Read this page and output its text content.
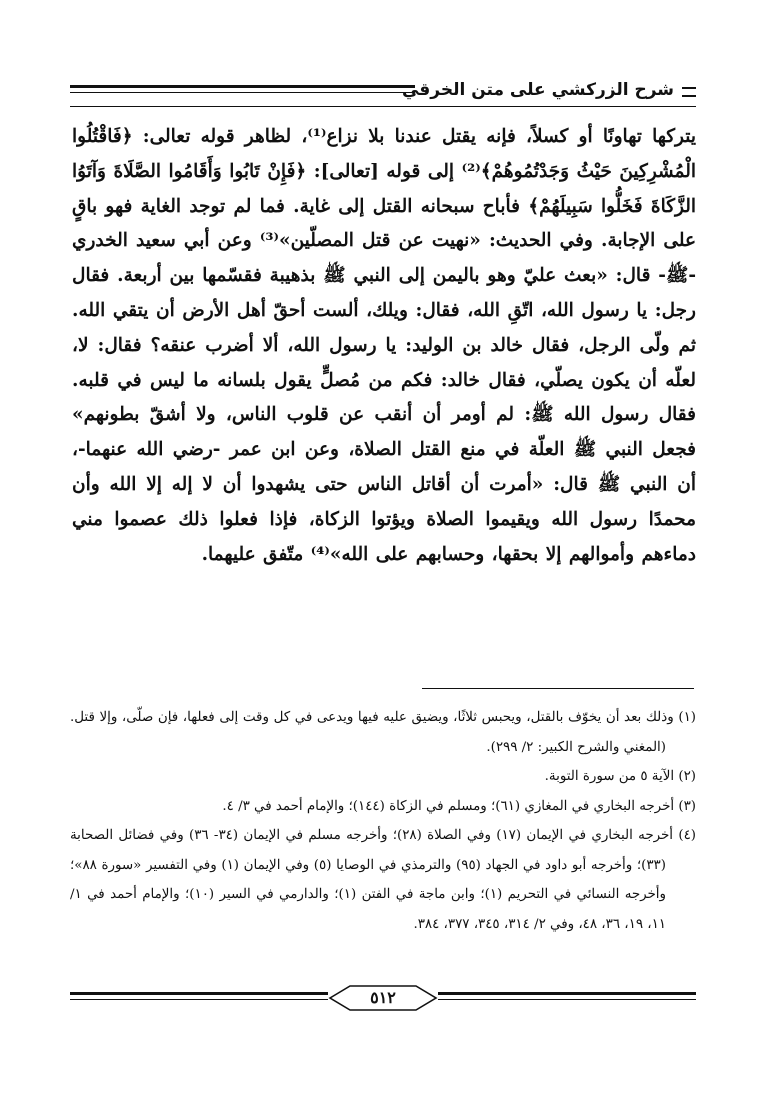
شرح الزركشي على متن الخرقي

يتركها تهاونًا أو كسلاً، فإنه يقتل عندنا بلا نزاع⁽¹⁾، لظاهر قوله تعالى: ﴿فَاقْتُلُوا الْمُشْرِكِينَ حَيْثُ وَجَدْتُمُوهُمْ﴾⁽²⁾ إلى قوله [تعالى]: ﴿فَإِنْ تَابُوا وَأَقَامُوا الصَّلَاةَ وَآتَوُا الزَّكَاةَ فَخَلُّوا سَبِيلَهُمْ﴾ فأباح سبحانه القتل إلى غاية. فما لم توجد الغاية فهو باقٍ على الإجابة. وفي الحديث: «نهيت عن قتل المصلّين»⁽³⁾ وعن أبي سعيد الخدري -ﷺ- قال: «بعث عليّ وهو باليمن إلى النبي ﷺ بذهيبة فقسّمها بين أربعة. فقال رجل: يا رسول الله، اتّقِ الله، فقال: ويلك، ألست أحقّ أهل الأرض أن يتقي الله. ثم ولّى الرجل، فقال خالد بن الوليد: يا رسول الله، ألا أضرب عنقه؟ فقال: لا، لعلّه أن يكون يصلّي، فقال خالد: فكم من مُصلٍّ يقول بلسانه ما ليس في قلبه. فقال رسول الله ﷺ: لم أومر أن أنقب عن قلوب الناس، ولا أشقّ بطونهم» فجعل النبي ﷺ العلّة في منع القتل الصلاة، وعن ابن عمر -رضي الله عنهما-، أن النبي ﷺ قال: «أمرت أن أقاتل الناس حتى يشهدوا أن لا إله إلا الله وأن محمدًا رسول الله ويقيموا الصلاة ويؤتوا الزكاة، فإذا فعلوا ذلك عصموا مني دماءهم وأموالهم إلا بحقها، وحسابهم على الله»⁽⁴⁾ متّفق عليهما.

(١) وذلك بعد أن يخوّف بالقتل، ويحبس ثلاثًا، ويضيق عليه فيها ويدعى في كل وقت إلى فعلها، فإن صلّى، وإلا قتل. (المغني والشرح الكبير: ٢/ ٢٩٩).

(٢) الآية ٥ من سورة التوبة.

(٣) أخرجه البخاري في المغازي (٦١)؛ ومسلم في الزكاة (١٤٤)؛ والإمام أحمد في ٣/ ٤.

(٤) أخرجه البخاري في الإيمان (١٧) وفي الصلاة (٢٨)؛ وأخرجه مسلم في الإيمان (٣٤- ٣٦) وفي فضائل الصحابة (٣٣)؛ وأخرجه أبو داود في الجهاد (٩٥) والترمذي في الوصايا (٥) وفي الإيمان (١) وفي التفسير «سورة ٨٨»؛ وأخرجه النسائي في التحريم (١)؛ وابن ماجة في الفتن (١)؛ والدارمي في السير (١٠)؛ والإمام أحمد في ١/ ١١، ١٩، ٣٦، ٤٨، وفي ٢/ ٣١٤، ٣٤٥، ٣٧٧، ٣٨٤.

٥١٢
